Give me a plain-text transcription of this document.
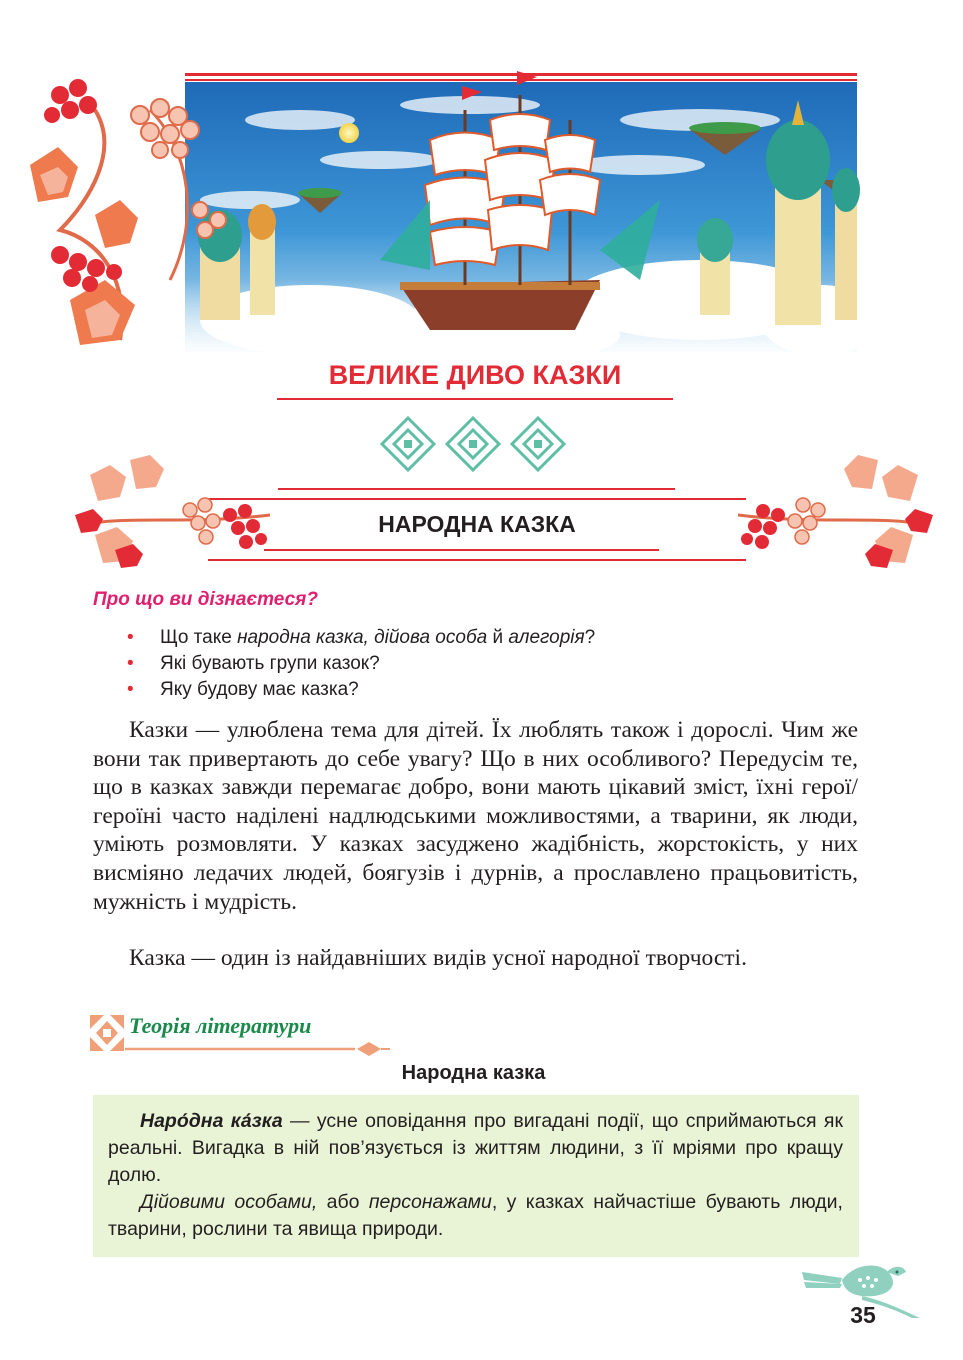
ВЕЛИКЕ ДИВО КАЗКИ
НАРОДНА КАЗКА
Про що ви дізнаєтеся?
• Що таке народна казка, дійова особа й алегорія?
• Які бувають групи казок?
• Яку будову має казка?

Казки — улюблена тема для дітей. Їх люблять також і дорослі. Чим же вони так привертають до себе увагу? Що в них особливого? Передусім те, що в казках завжди перемагає добро, вони мають цікавий зміст, їхні герої/героїні часто наділені надлюдськими можливостями, а тварини, як люди, уміють розмовляти. У казках засуджено жадібність, жорстокість, у них висміяно ледачих людей, боягузів і дурнів, а прославлено працьовитість, мужність і мудрість.

Казка — один із найдавніших видів усної народної творчості.

Теорія літератури
Народна казка

Наро́дна ка́зка — усне оповідання про вигадані події, що сприймаються як реальні. Вигадка в ній пов’язується із життям людини, з її мріями про кращу долю.

Дійовими особами, або персонажами, у казках найчастіше бувають люди, тварини, рослини та явища природи.

35
